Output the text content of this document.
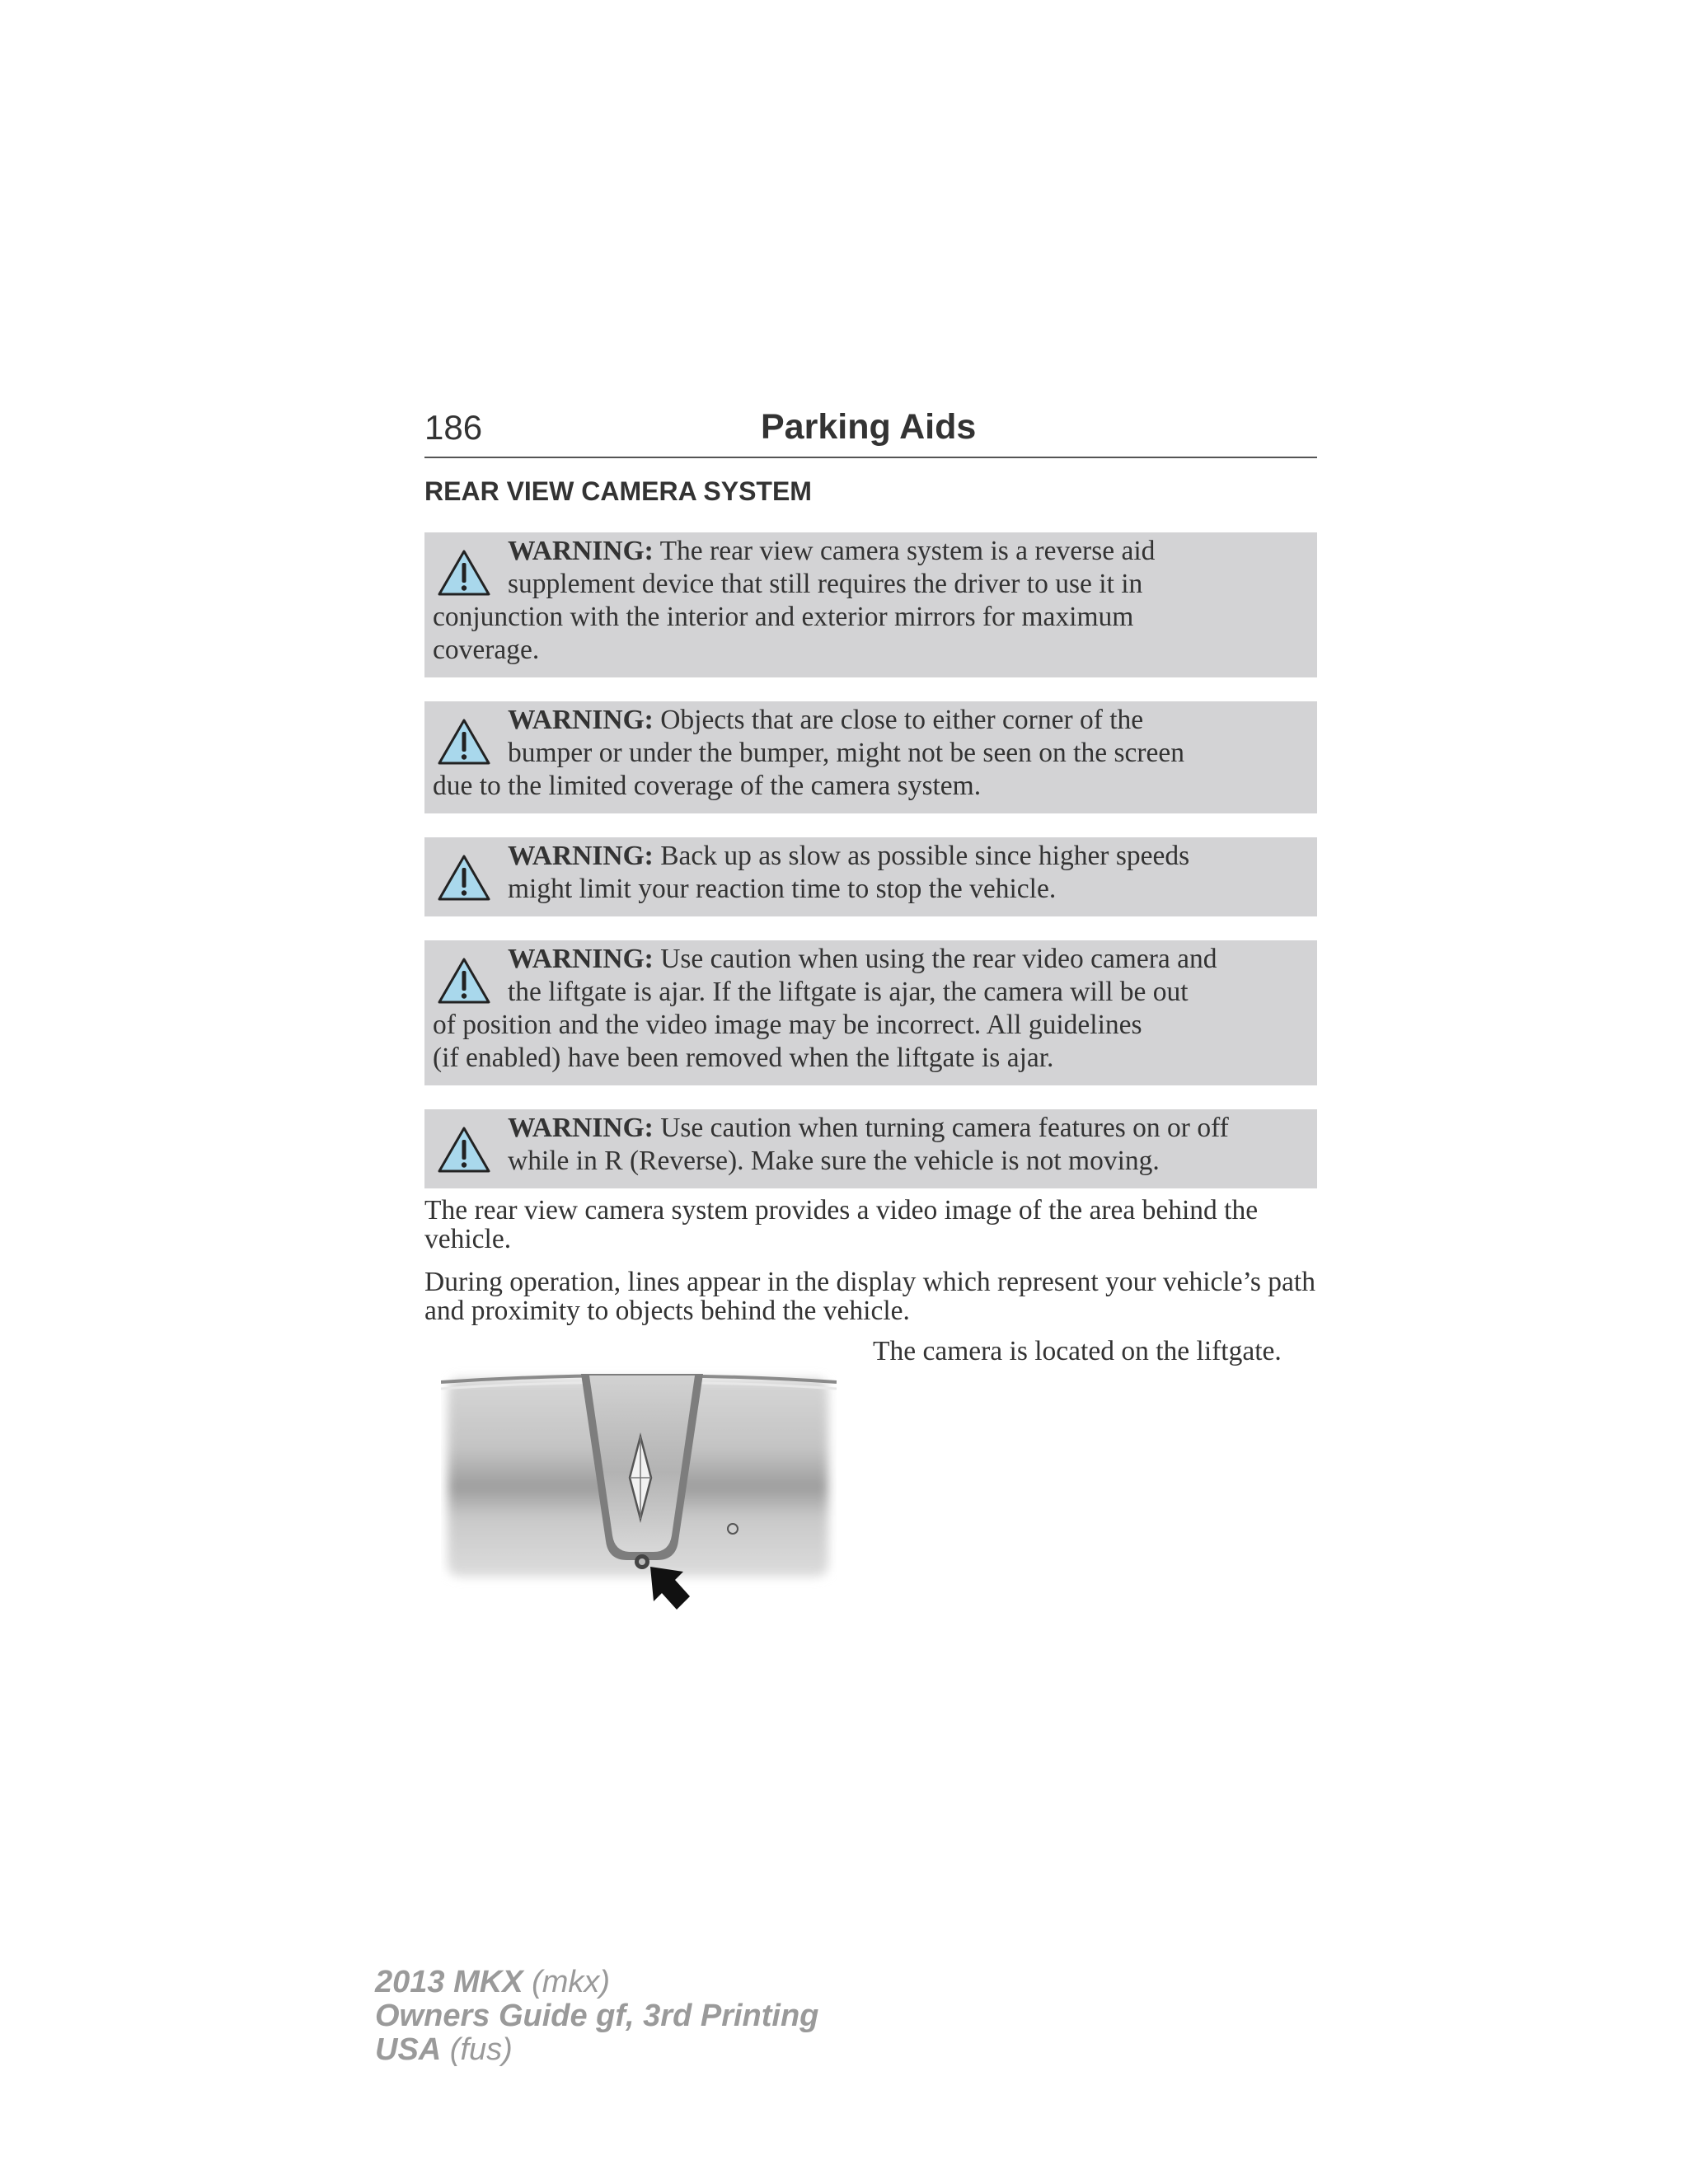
186	Parking Aids
REAR VIEW CAMERA SYSTEM
WARNING: The rear view camera system is a reverse aid
supplement device that still requires the driver to use it in
conjunction with the interior and exterior mirrors for maximum
coverage.
WARNING: Objects that are close to either corner of the
bumper or under the bumper, might not be seen on the screen
due to the limited coverage of the camera system.
WARNING: Back up as slow as possible since higher speeds
might limit your reaction time to stop the vehicle.
WARNING: Use caution when using the rear video camera and
the liftgate is ajar. If the liftgate is ajar, the camera will be out
of position and the video image may be incorrect. All guidelines
(if enabled) have been removed when the liftgate is ajar.
WARNING: Use caution when turning camera features on or off
while in R (Reverse). Make sure the vehicle is not moving.
The rear view camera system provides a video image of the area behind the vehicle.
During operation, lines appear in the display which represent your vehicle’s path and proximity to objects behind the vehicle.
The camera is located on the liftgate.
2013 MKX (mkx)
Owners Guide gf, 3rd Printing
USA (fus)
